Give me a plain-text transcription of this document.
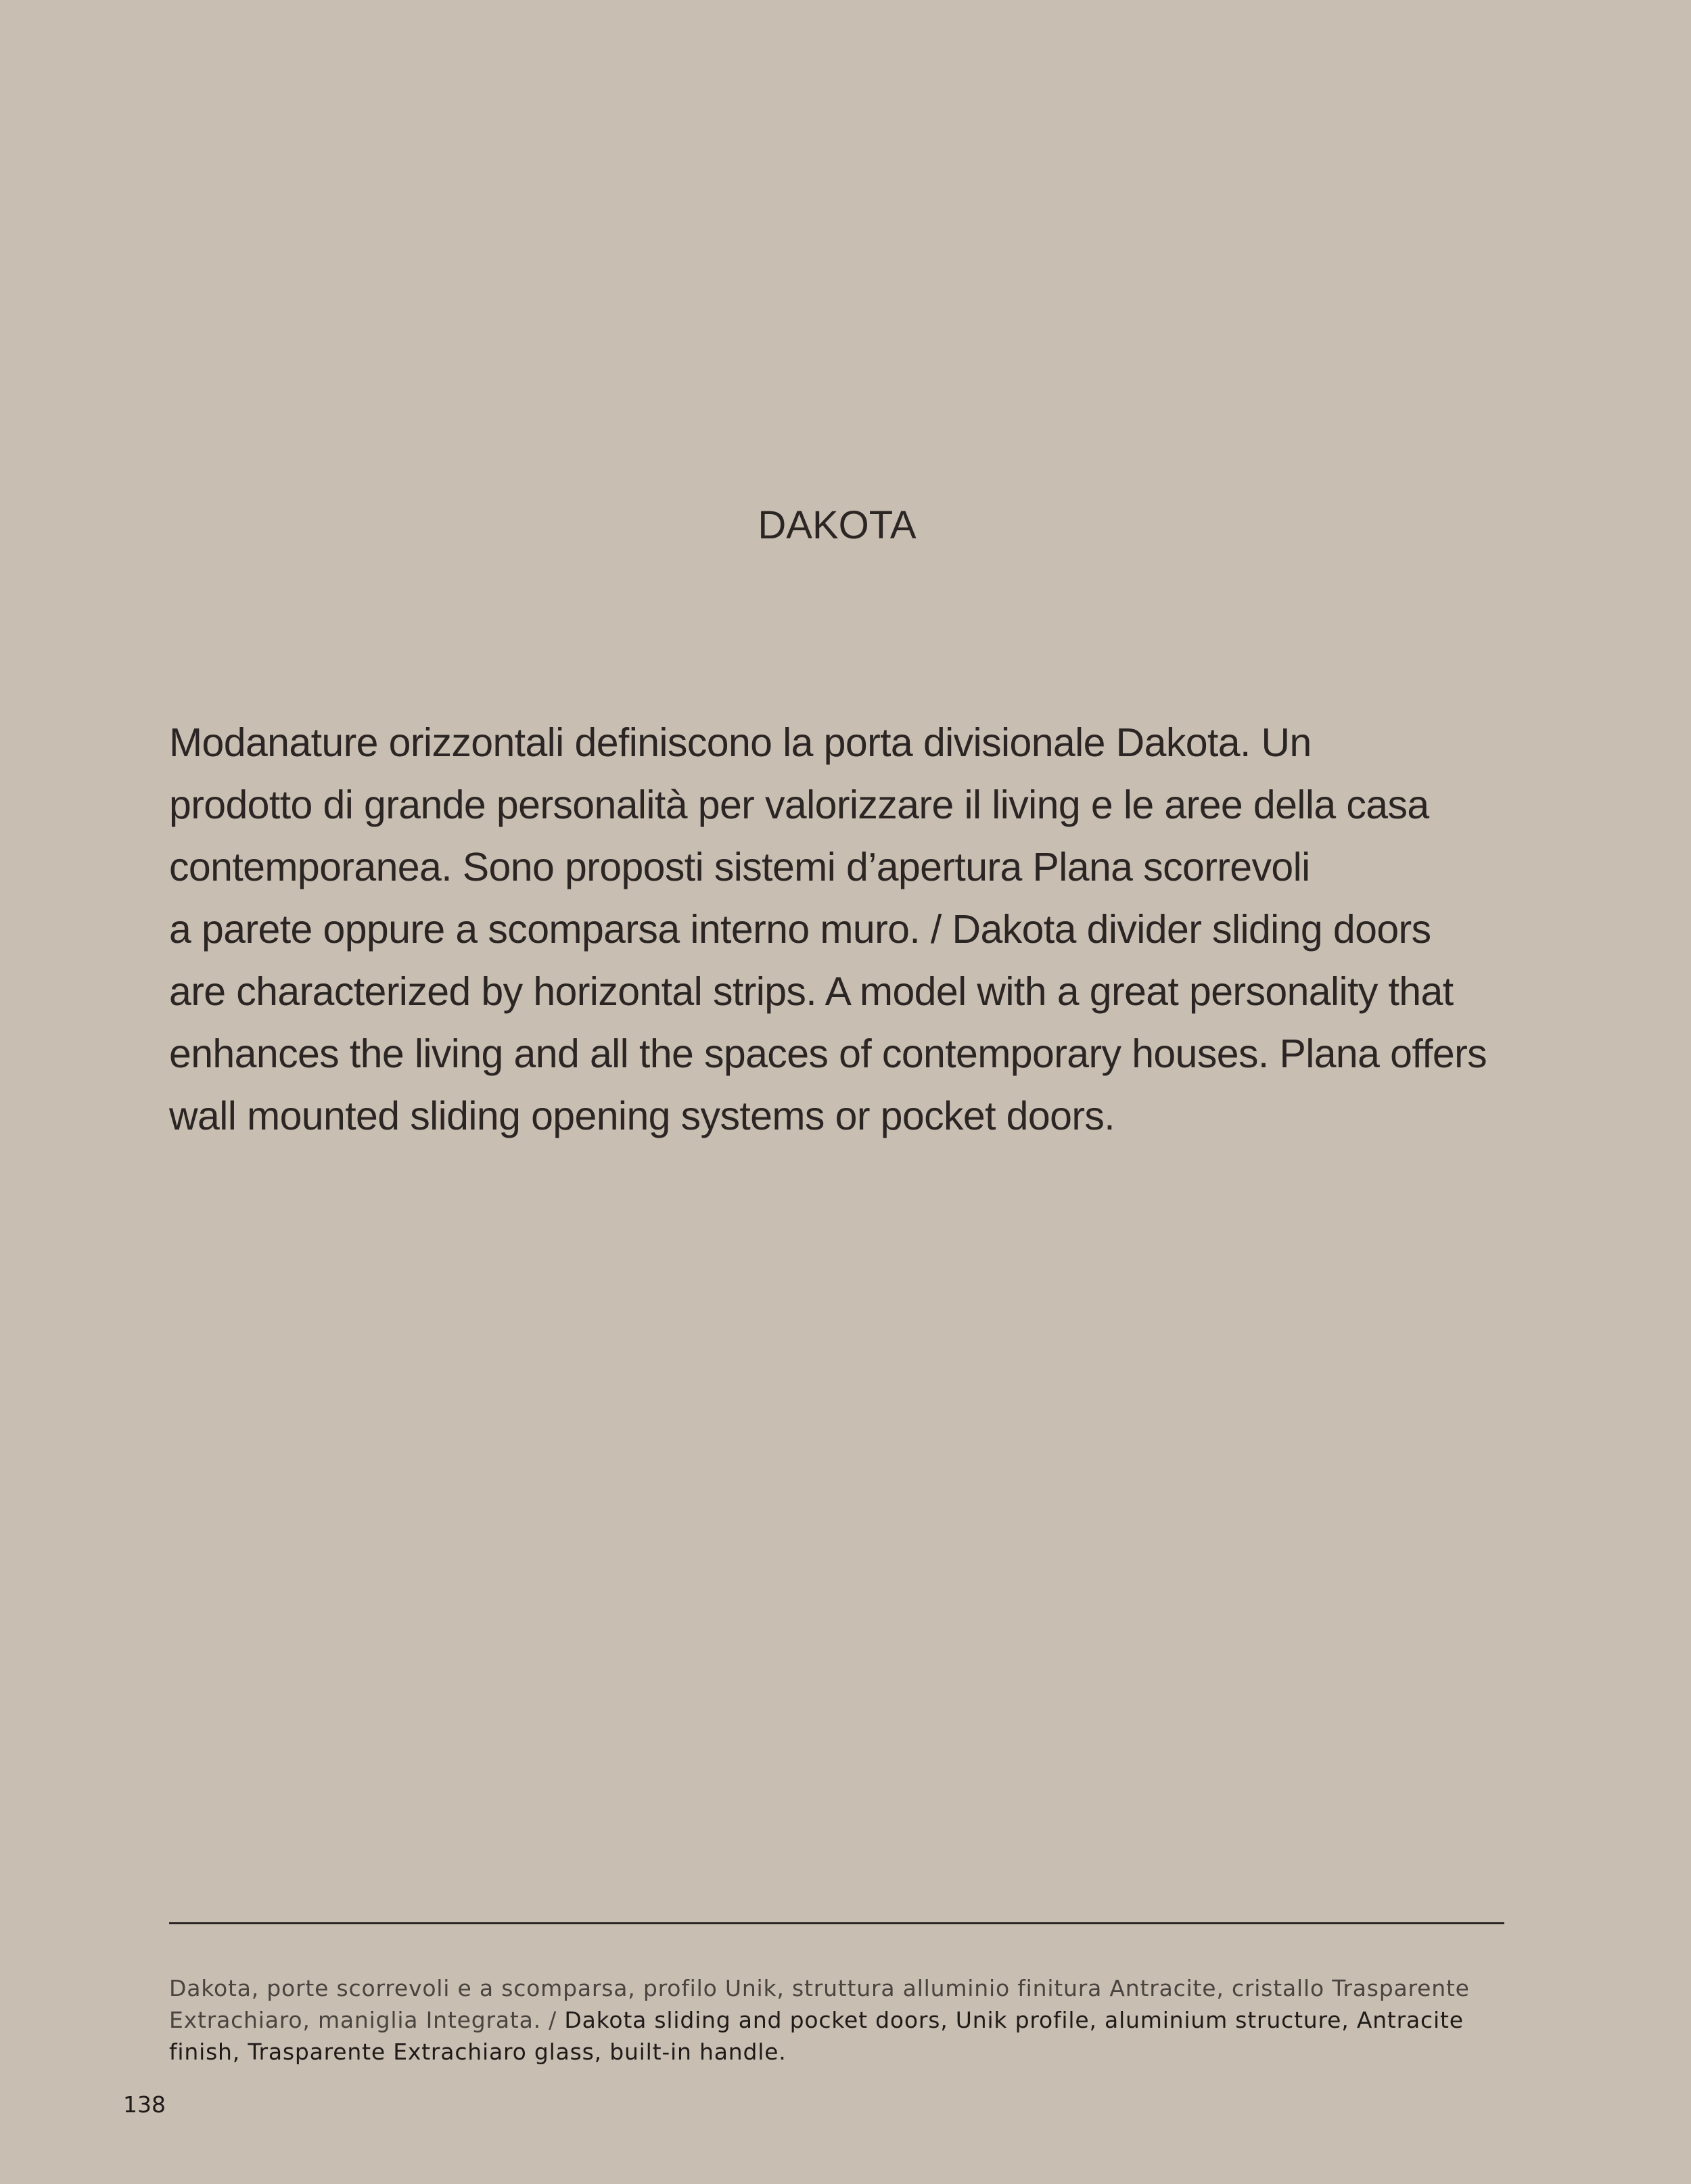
DAKOTA
Modanature orizzontali definiscono la porta divisionale Dakota. Un
prodotto di grande personalità per valorizzare il living e le aree della casa
contemporanea. Sono proposti sistemi d’apertura Plana scorrevoli
a parete oppure a scomparsa interno muro. / Dakota divider sliding doors
are characterized by horizontal strips. A model with a great personality that
enhances the living and all the spaces of contemporary houses. Plana offers
wall mounted sliding opening systems or pocket doors.
Dakota, porte scorrevoli e a scomparsa, profilo Unik, struttura alluminio finitura Antracite, cristallo Trasparente Extrachiaro, maniglia Integrata. / Dakota sliding and pocket doors, Unik profile, aluminium structure, Antracite finish, Trasparente Extrachiaro glass, built-in handle.
138
